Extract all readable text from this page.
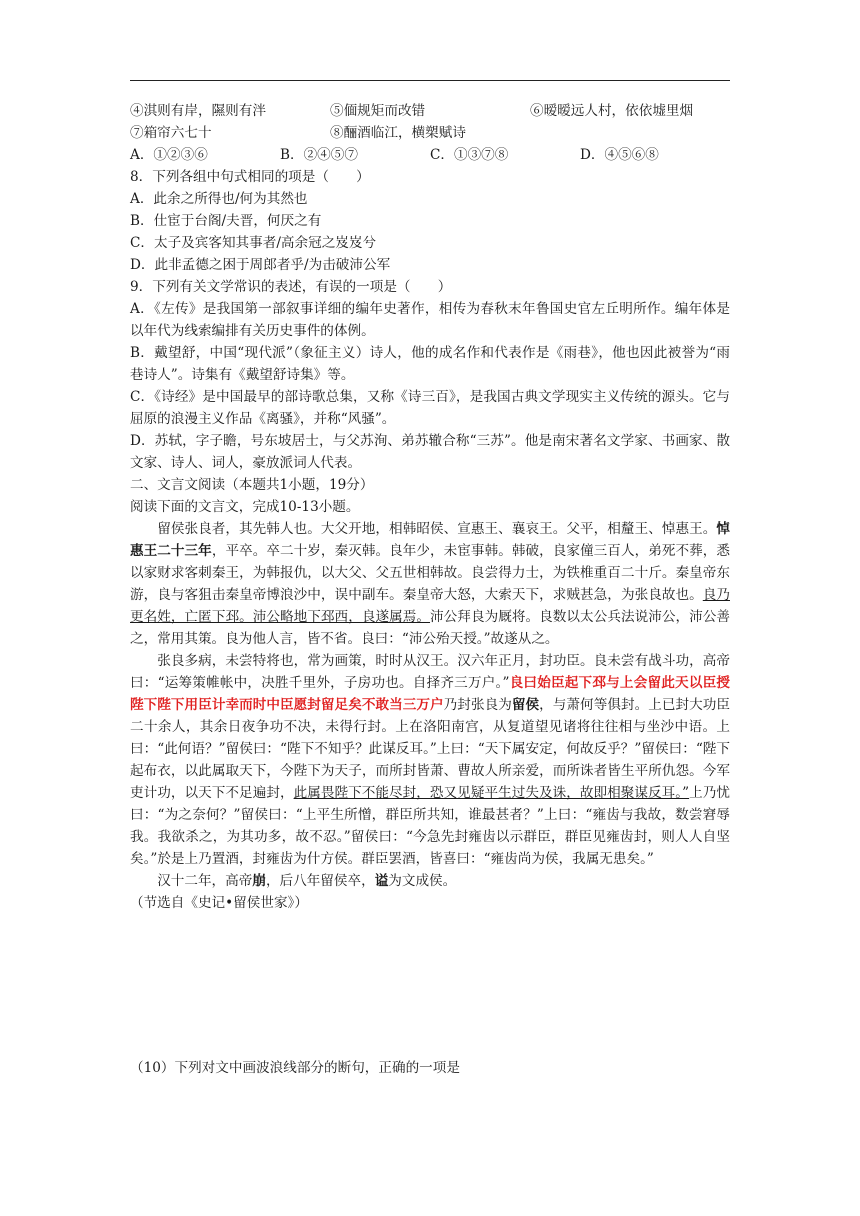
④淇则有岸，隰则有泮	⑤偭规矩而改错	⑥暧暧远人村，依依墟里烟
⑦箱帘六七十	⑧酾酒临江，横槊赋诗
A．①②③⑥	B．②④⑤⑦	C．①③⑦⑧	D．④⑤⑥⑧
8．下列各组中句式相同的项是（　　）
A．此余之所得也/何为其然也
B．仕宦于台阁/夫晋，何厌之有
C．太子及宾客知其事者/高余冠之岌岌兮
D．此非孟德之困于周郎者乎/为击破沛公军
9．下列有关文学常识的表述，有误的一项是（　　）
A．《左传》是我国第一部叙事详细的编年史著作，相传为春秋末年鲁国史官左丘明所作。编年体是以年代为线索编排有关历史事件的体例。
B．戴望舒，中国“现代派”（象征主义）诗人，他的成名作和代表作是《雨巷》，他也因此被誉为“雨巷诗人”。诗集有《戴望舒诗集》等。
C．《诗经》是中国最早的部诗歌总集，又称《诗三百》，是我国古典文学现实主义传统的源头。它与屈原的浪漫主义作品《离骚》，并称“风骚”。
D．苏轼，字子瞻，号东坡居士，与父苏洵、弟苏辙合称“三苏”。他是南宋著名文学家、书画家、散文家、诗人、词人，豪放派词人代表。
二、文言文阅读（本题共1小题，19分）
阅读下面的文言文，完成10-13小题。
留侯张良者，其先韩人也。大父开地，相韩昭侯、宣惠王、襄哀王。父平，相釐王、悼惠王。悼惠王二十三年，平卒。卒二十岁，秦灭韩。良年少，未宦事韩。韩破，良家僮三百人，弟死不葬，悉以家财求客刺秦王，为韩报仇，以大父、父五世相韩故。良尝得力士，为铁椎重百二十斤。秦皇帝东游，良与客狙击秦皇帝博浪沙中，误中副车。秦皇帝大怒，大索天下，求贼甚急，为张良故也。良乃更名姓，亡匿下邳。沛公略地下邳西，良遂属焉。沛公拜良为厩将。良数以太公兵法说沛公，沛公善之，常用其策。良为他人言，皆不省。良曰：“沛公殆天授。”故遂从之。
张良多病，未尝特将也，常为画策，时时从汉王。汉六年正月，封功臣。良未尝有战斗功，高帝曰：“运筹策帷帐中，决胜千里外，子房功也。自择齐三万户。”良曰始臣起下邳与上会留此天以臣授陛下陛下用臣计幸而时中臣愿封留足矣不敢当三万户乃封张良为留侯，与萧何等俱封。上已封大功臣二十余人，其余日夜争功不决，未得行封。上在洛阳南宫，从复道望见诸将往往相与坐沙中语。上曰：“此何语？”留侯曰：“陛下不知乎？此谋反耳。”上曰：“天下属安定，何故反乎？”留侯曰：“陛下起布衣，以此属取天下，今陛下为天子，而所封皆萧、曹故人所亲爱，而所诛者皆生平所仇怨。今军吏计功，以天下不足遍封，此属畏陛下不能尽封，恐又见疑平生过失及诛，故即相聚谋反耳。”上乃忧曰：“为之奈何？”留侯曰：“上平生所憎，群臣所共知，谁最甚者？”上曰：“雍齿与我故，数尝窘辱我。我欲杀之，为其功多，故不忍。”留侯曰：“今急先封雍齿以示群臣，群臣见雍齿封，则人人自坚矣。”於是上乃置酒，封雍齿为什方侯。群臣罢酒，皆喜曰：“雍齿尚为侯，我属无患矣。”
汉十二年，高帝崩，后八年留侯卒，谥为文成侯。
（节选自《史记•留侯世家》）
（10）下列对文中画波浪线部分的断句，正确的一项是
